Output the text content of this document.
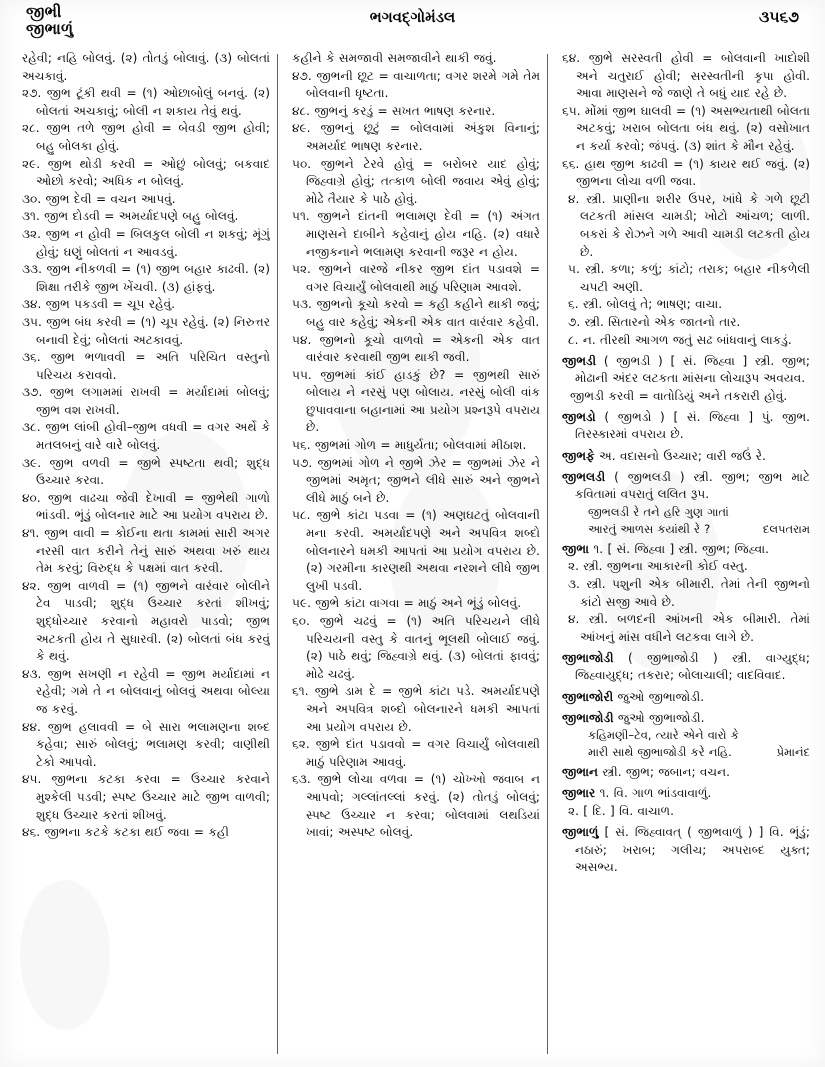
જીભી
જીભાળું
ભગવદ્‌ગોમંડલ	૩૫૬૭

રહેવી; નહિ બોલવું. (૨) તોતડું બોલાવું. (૩) બોલતાં અચકાવું.

૨૭. જીભ ટૂંકી થવી = (૧) ઓછાબોલું બનવું. (૨) બોલતાં અચકાવું; બોલી ન શકાય તેવું થવું.

૨૮. જીભ તળે જીભ હોવી = બેવડી જીભ હોવી; બહુ બોલકા હોવું.

૨૯. જીભ થોડી કરવી = ઓછું બોલવું; બકવાદ ઓછો કરવો; અધિક ન બોલવું.

૩૦. જીભ દેવી = વચન આપવું.

૩૧. જીભ દોડવી = અમર્યાદપણે બહુ બોલવું.

૩૨. જીભ ન હોવી = બિલકુલ બોલી ન શકવું; મૂંગું હોવું; ઘણું બોલતાં ન આવડવું.

૩૩. જીભ નીકળવી = (૧) જીભ બહાર કાઢવી. (૨) શિક્ષા તરીકે જીભ ખેંચવી. (૩) હાંફવું.

૩૪. જીભ પકડવી = ચૂપ રહેવું.

૩૫. જીભ બંધ કરવી = (૧) ચૂપ રહેવું. (૨) નિરુત્તર બનાવી દેવું; બોલતાં અટકાવવું.

૩૬. જીભ ભળાવવી = અતિ પરિચિત વસ્તુનો પરિચય કરાવવો.

૩૭. જીભ લગામમાં રાખવી = મર્યાદામાં બોલવું; જીભ વશ રાખવી.

૩૮. જીભ લાંબી હોવી–જીભ વધવી = વગર અર્થે કે મતલબનું વારે વારે બોલવું.

૩૯. જીભ વળવી = જીભે સ્પષ્ટતા થવી; શુદ્ધ ઉચ્ચાર કરવા.

૪૦. જીભ વાઢચા જેવી દેખાવી = જીભેથી ગાળો ભાંડવી. ભૂંડું બોલનાર માટે આ પ્રયોગ વપરાય છે.

૪૧. જીભ વાવી = કોઈના થતા કામમાં સારી અગર નરસી વાત કરીને તેનું સારું અથવા ખરું થાય તેમ કરવું; વિરુદ્ધ કે પક્ષમાં વાત કરવી.

૪૨. જીભ વાળવી = (૧) જીભને વારંવાર બોલીને ટેવ પાડવી; શુદ્ધ ઉચ્ચાર કરતાં શીખવું; શુદ્ધોચ્ચાર કરવાનો મહાવરો પાડવો; જીભ અટકતી હોય તે સુધારવી. (૨) બોલતાં બંધ કરવું કે થવું.

૪૩. જીભ સખણી ન રહેવી = જીભ મર્યાદામાં ન રહેવી; ગમે તે ન બોલવાનું બોલવું અથવા બોલ્યા જ કરવું.

૪૪. જીભ હલાવવી = બે સારા ભલામણના શબ્દ કહેવા; સારું બોલવું; ભલામણ કરવી; વાણીથી ટેકો આપવો.

૪૫. જીભના કટકા કરવા = ઉચ્ચાર કરવાને મુશ્કેલી પડવી; સ્પષ્ટ ઉચ્ચાર માટે જીભ વાળવી; શુદ્ધ ઉચ્ચાર કરતાં શીખવું.

૪૬. જીભના કટકે કટકા થઈ જવા = કહી

કહીને કે સમજાવી સમજાવીને થાકી જવું.

૪૭. જીભની છૂટ = વાચાળતા; વગર શરમે ગમે તેમ બોલવાની ધૃષ્ટતા.

૪૮. જીભનું કરડું = સખત ભાષણ કરનાર.

૪૯. જીભનું છૂટું = બોલવામાં અંકુશ વિનાનું; અમર્યાદ ભાષણ કરનાર.

૫૦. જીભને ટેરવે હોવું = બરોબર યાદ હોવું; જિહ્વાગ્રે હોવું; તત્કાળ બોલી જવાય એવું હોવું; મોઢે તૈયાર કે પાઠે હોવું.

૫૧. જીભને દાંતની ભલામણ દેવી = (૧) અંગત માણસને દાબીને કહેવાનું હોય નહિ. (૨) વધારે નજીકનાને ભલામણ કરવાની જરૂર ન હોય.

૫૨. જીભને વારજે નીકર જીભ દાંત પડાવશે = વગર વિચાર્યું બોલવાથી માઠું પરિણામ આવશે.

૫૩. જીભનો કૂચો કરવો = કહી કહીને થાકી જવું; બહુ વાર કહેવું; એકની એક વાત વારંવાર કહેવી.

૫૪. જીભનો કૂચો વાળવો = એકની એક વાત વારંવાર કરવાથી જીભ થાકી જવી.

૫૫. જીભમાં કાંઈ હાડકું છે? = જીભથી સારું બોલાય ને નરસું પણ બોલાય. નરસું બોલી વાંક છુપાવવાના બહાનામાં આ પ્રયોગ પ્રશ્નરૂપે વપરાય છે.

૫૬. જીભમાં ગોળ = માધુર્યતા; બોલવામાં મીઠાશ.

૫૭. જીભમાં ગોળ ને જીભે ઝેર = જીભમાં ઝેર ને જીભમાં અમૃત; જીભને લીધે સારું અને જીભને લીધે માઠું બને છે.

૫૮. જીભે કાંટા પડવા = (૧) અણઘટતું બોલવાની મના કરવી. અમર્યાદપણે અને અપવિત્ર શબ્દો બોલનારને ધમકી આપતાં આ પ્રયોગ વપરાય છે. (૨) ગરમીના કારણથી અથવા નરશને લીધે જીભ લુખી પડવી.

૫૯. જીભે કાંટા વાગવા = માઠું અને ભૂંડું બોલવું.

૬૦. જીભે ચઢવું = (૧) અતિ પરિચયને લીધે પરિચયની વસ્તુ કે વાતનું ભૂલથી બોલાઈ જવું. (૨) પાઠે થવું; જિહ્વાગ્રે થવું. (૩) બોલતાં ફાવવું; મોઢે ચઢવું.

૬૧. જીભે ડામ દે = જીભે કાંટા પડે. અમર્યાદપણે અને અપવિત્ર શબ્દો બોલનારને ધમકી આપતાં આ પ્રયોગ વપરાય છે.

૬૨. જીભે દાંત પડાવવો = વગર વિચાર્યું બોલવાથી માઠું પરિણામ આવવું.

૬૩. જીભે લોચા વળવા = (૧) ચોખ્ખો જવાબ ન આપવો; ગલ્લાંતલ્લાં કરવું. (૨) તોતડું બોલવું; સ્પષ્ટ ઉચ્ચાર ન કરવા; બોલવામાં લથડિયાં ખાવાં; અસ્પષ્ટ બોલવું.

૬૪. જીભે સરસ્વતી હોવી = બોલવાની ખાદોશી અને ચતુરાઈ હોવી; સરસ્વતીની કૃપા હોવી. આવા માણસને જે જાણે તે બધું યાદ રહે છે.

૬૫. મોંમાં જીભ ઘાલવી = (૧) અસભ્યતાથી બોલતા અટકવું; ખરાબ બોલતા બંધ થવું. (૨) વસોખાત ન કર્યા કરવો; જંપવું. (૩) શાંત કે મૌન રહેવું.

૬૬. હાથ જીભ કાઢવી = (૧) કાયર થઈ જવું. (૨) જીભના લોચા વળી જવા.

૪. સ્ત્રી. પ્રાણીના શરીર ઉપર, ખાંધે કે ગળે છૂટી લટકતી માંસલ ચામડી; ખોટો આંચળ; લાળી. બકરાં કે રોઝને ગળે આવી ચામડી લટકતી હોય છે.

૫. સ્ત્રી. કળા; કળું; કાંટો; તરાક; બહાર નીકળેલી ચપટી અણી.

૬. સ્ત્રી. બોલવું તે; ભાષણ; વાચા.

૭. સ્ત્રી. સિતારનો એક જાતનો તાર.

૮. ન. તીરથી આગળ જતું સઢ બાંધવાનું લાકડું.

જીભડી ( જીભડી ) [ સં. જિહ્વા ] સ્ત્રી. જીભ; મોઢાની અંદર લટકતા માંસના લોચારૂપ અવયવ.

જીભડી કરવી = વાતોડિયું અને તકરારી હોવું.

જીભડો ( જીભડો ) [ સં. જિહ્વા ] પું. જીભ. તિરસ્કારમાં વપરાય છે.

જીભફે અ. વદાસનો ઉચ્ચાર; વારી જઉં રે.

જીભલડી ( જીભલડી ) સ્ત્રી. જીભ; જીભ માટે કવિતામાં વપરાતું લલિત રૂપ.

જીભલડી રે તને હરિ ગુણ ગાતાં

દલપતરામ
આરતું આળસ કયાંથી રે ?

જીભા ૧. [ સં. જિહ્વા ] સ્ત્રી. જીભ; જિહ્વા.

૨. સ્ત્રી. જીભના આકારની કોઈ વસ્તુ.

૩. સ્ત્રી. પશુની એક બીમારી. તેમાં તેની જીભનો કાંટો સજી આવે છે.

૪. સ્ત્રી. બળદની આંખની એક બીમારી. તેમાં આંખનું માંસ વધીને લટકવા લાગે છે.

જીભાજોડી ( જીભાજોડી ) સ્ત્રી. વાગ્યુદ્ધ; જિહ્વાયુદ્ધ; તકરાર; બોલાચાલી; વાદવિવાદ.

જીભાજોરી જુઓ જીભાજોડી.

જીભાજોડી જુઓ જીભાજોડી.

કહિમણી–ટેવ, ત્યારે એને વારો કે

પ્રેમાનંદ
મારી સાથે જીભાજોડી કરે નહિ.

જીભાન સ્ત્રી. જીભ; જબાન; વચન.

જીભાર ૧. વિ. ગાળ ભાંડવાવાળું.

૨. [ દિ. ] વિ. વાચાળ.

જીભાળું [ સં. જિહ્વાવત્ ( જીભવાળું ) ] વિ. ભૂંડું; નઠારું; ખરાબ; ગલીચ; અપરાબ્દ યુક્ત; અસભ્ય.
